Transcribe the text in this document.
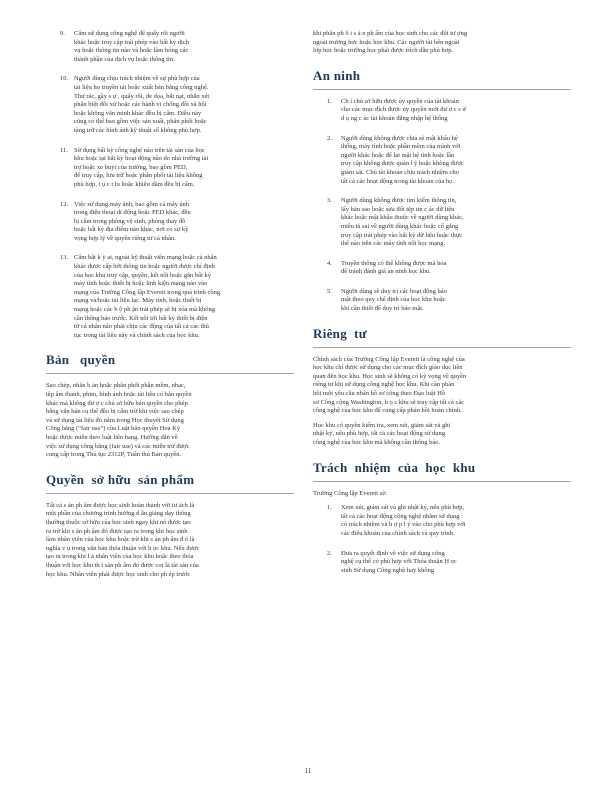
9. Cấm sử dụng công nghệ để quấy rối người
khác hoặc truy cập trái phép vào bất kỳ dịch
vụ hoặc thông tin nào và hoặc làm hỏng các
thành phần của dịch vụ hoặc thông tin.
10. Người dùng chịu trách nhiệm về sự phù hợp của
tài liệu họ truyền tải hoặc xuất bản bằng công nghệ.
Thư rác, gây s ự , quấy rối, đe dọa, bắt nạt, nhắn xét
phân biệt đối xử hoặc các hành vi chống đối xã hội
hoặc không văn minh khác đều bị cấm. Điều này
cũng có thể bao gồm việc sản xuất, phân phối hoặc
tàng trữ các hình ảnh kỹ thuật số không phù hợp.
11. Sử dụng bất kỳ công nghệ nào trên tài sản của học
khu hoặc tại bất kỳ hoạt động nào do nhà trường tài
trợ hoặc xe buýt của trường, bao gồm PED,
để truy cập, lưu trữ hoặc phân phối tài liệu không
phù hợp, t ụ c t ĩu hoặc khiêu dâm đều bị cấm.
12. Việc sử dụng máy ảnh, bao gồm cả máy ảnh
trong điện thoại di động hoặc PED khác, đều
bị cấm trong phòng vệ sinh, phòng thay đồ
hoặc bất kỳ địa điểm nào khác, nơi có sự kỳ
vọng hợp lý về quyền riêng tư cá nhân.
13. Cấm bất k ỳ ai, ngoài kỹ thuật viên mạng hoặc cá nhân
khác được cấp bởi thông tin hoặc người được chỉ định
của học khu truy cập, quyền, kết nối hoặc gắn bất kỳ
máy tính hoặc thiết bị hoặc linh kiện mạng nào vào
mạng của Trường Công lập Everett trong quá trình công
mạng và/hoặc tài liệu lạc. Máy tính, hoặc thiết bị
mạng hoặc các b ộ ph ận trái phép sẽ bị xóa mà không
cần thông báo trước. Kết nối tới bất kỳ thiết bị điện
tử cá nhân nào phải chịu các động của tất cả các thủ
tục trong tài liệu này và chính sách của học khu.
Bản   quyền

Sao chép, nhân b ản hoặc phân phối phần mềm, nhạc,
tệp âm thanh, phim, hình ảnh hoặc tài liệu có bản quyền
khác mà không đư ợ c chủ sở hữu bản quyền cho phép
bằng văn bản cụ thể đều bị cấm trừ khi việc sao chép
và sử dụng tài liệu đó nằm trong Học thuyết Sử dụng
Công bằng (“fair use”) của Luật bản quyền Hoa Kỳ
hoặc được miễn theo luật liên bang. Hướng dẫn về
việc sử dụng công bằng (fair use) và các miễn trừ được
cung cấp trong Thủ tục 2312P, Tuân thủ Bản quyền.

Quyền  sở hữu  sản phẩm

Tất cả s ản ph ẩm được học sinh hoàn thành với tư ách là
một phần của chương trình hướng d ẫn giảng dạy thông
thường thuộc sở hữu của học sinh ngay khi nó được tạo
ra trừ khi s ản ph ẩm đó được tạo ra trong khi học sinh
làm nhân viên của học khu hoặc trừ khi s ản ph ẩm đ ó là
nghĩa v ụ trong văn bản thỏa thuận với h ọc khu. Nếu được
tạo ra trong khi l à nhân viên của học khu hoặc theo thỏa
thuận với học khu th ì sản ph ẩm đó được coi là tài sản của
học khu. Nhân viên phải được học sinh cho ph ép trước

khi phân ph ố i s ả n ph ẩm của học sinh cho các đối tư ợng
ngoài trường hợc hoặc học khu. Các người tài bên ngoài
lớp học hoặc trường học phải được trích dẫn phù hợp.

An ninh
1. Ch ỉ chủ sở hữu được ủy quyền của tài khoản
cho các mục đích được ủy quyền mới đư ợ c s ử
d ụ ng c ác tài khoản đăng nhập hệ thống
2. Người dùng không được chia sẻ mật khẩu hệ
thống, máy tính hoặc phần mềm của mình với
người khác hoặc để lại mật hệ tính hoặc lần
truy cập không được quản l ý hoặc không được
giám sát. Chủ tài khoản chịu trách nhiệm cho
tất cả các hoạt động trong tài khoản của họ.
3. Người dùng không được tìm kiếm thông tin,
lấy bản sao hoặc sửa đổi tệp tin c ác dữ liệu
khác hoặc mật khẩu thuộc về người dùng khác,
miêu tả sai về người dùng khác hoặc cố gắng
truy cập trái phép vào bất kỳ dữ liệu hoặc thực
thể nào trên các máy tính nối học mạng.
4. Truyền thông có thể không được mã hóa
để tránh đánh giá an ninh học khu.
5. Người dùng sẽ duy trì các hoạt động bảo
mật theo quy chế định của học khu hoặc
khi cần thiết để duy trì bảo mật.
Riêng  tư

Chính sách của Trường Công lập Everett là công nghệ của
học khu chỉ được sử dụng cho các mục đích giáo dục liên
quan đến học khu. Học sinh sẽ không có kỳ vọng về quyền
riêng tư khi sử dụng công nghệ học khu. Khi cần phán
hồi một yêu cầu nhân hồ sơ công theo Đạo luật Hồ
sơ Công cộng Washington, h ọ c khu sẽ truy cập tất cả các
công nghệ của học khu để cung cấp phản hồi hoàn chỉnh.

Học khu có quyền kiểm tra, xem xét, giám sát và ghi
nhật ký, nếu phù hợp, tất cả các hoạt động sử dụng
công nghệ của học khu mà không cần thông báo.

Trách  nhiệm  của  học  khu

Trường Công lập Everett sẽ:

1. Xem xét, giám sát và ghi nhật ký, nếu phù hợp,
tất cả các hoạt động công nghệ nhằm sử dụng
có trách nhiệm và h ợ p l ý vào cho phù hợp với
các điều khoản của chính sách và quy trình.
2. Đưa ra quyết định về việc sử dụng công
nghệ cụ thể có phù hợp với Thỏa thuận H ọc
sinh Sử dụng Công nghệ hay không
11
